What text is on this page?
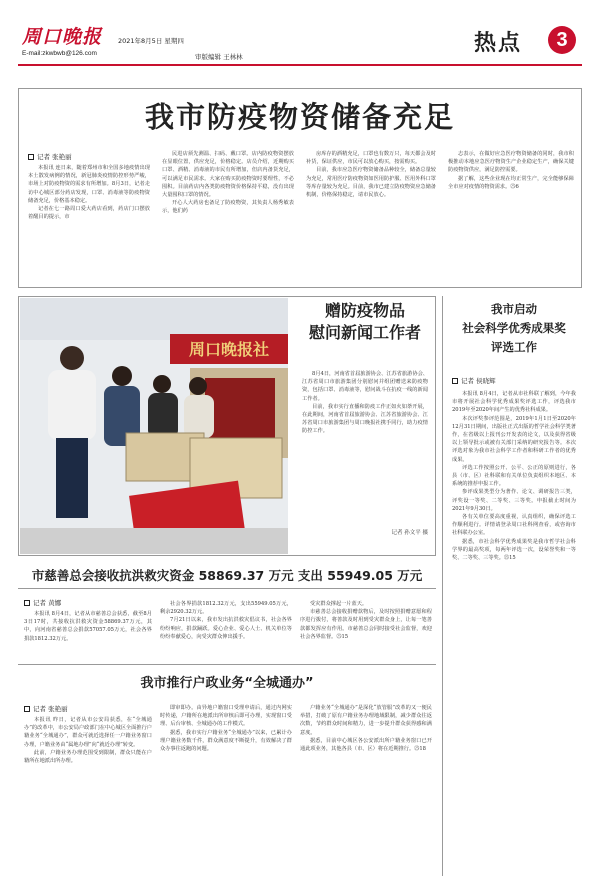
周口晚报
E-mail:zkwbwb@126.com
2021年8月5日 星期四
审版编辑 王林林
热点	3
我市防疫物资储备充足
记者 张艳丽

本报讯 连日来，随着郑州市和全国多地疫情出现本土散发病例的情况，新冠肺炎疫情防控形势严峻，市场上对防疫物资的需求有所增加。8月3日，记者走访中心城区部分药店发现，口罩、消毒液等防疫物资储备充足，价格基本稳定。

记者在七一路周口爱大药店看到，药店门口摆放着醒目的提示，市

民进店须先测温、扫码、戴口罩。店内防疫物资摆放在显眼位置，供应充足，价格稳定。店员介绍，近期购买口罩、酒精、消毒液的市民有所增加，但店内备货充足，可以满足市民需求。大家在购买防疫物资时要理性，不必囤积。目前药店内各类防疫物资价格保持平稳，没有出现大量囤积口罩的情况。

开心人大药房也备足了防疫物资，其负责人杨秀敏表示，他们药

房库存的酒精充足，口罩也有数万只，每天都会及时补货，保证供应，市民可以放心购买，按需购买。

目前，我市应急医疗物资储备品种较全，储备总量较为充足，常用医疗防疫物资如医用防护服、医用外科口罩等库存量较为充足。目前，我市已建立防疫物资应急储备机制，价格保持稳定，请市民放心。

志表示，在做好应急医疗物资储备的同时，我市积极推动本地应急医疗物资生产企业稳定生产，确保关键防疫物资供应，满足防控需要。

据了解，这些企业现在均正常生产，完全能够保障全市应对疫情的物资需求。㉕6

周口晚报社
赠防疫物品
慰问新闻工作者

8月4日，河南省首届旅游协会、江苏省旅游协会、江苏省周口市旅游集团分别慰问并组团赠送来防疫物资，包括口罩、消毒液等，慰问战斗在抗疫一线的新闻工作者。

目前，我市实行直播和防疫工作正如火如荼开展，在此期间，河南省首届旅游协会、江苏省旅游协会、江苏省周口市旅游集团与周口晚报社携手同行，助力疫情防控工作。

记者 孙文平 摄
市慈善总会接收抗洪救灾资金 58869.37 万元 支出 55949.05 万元
记者 黄娜

本报讯 8月4日，记者从市慈善总会获悉，截至8月3日17时，共接收抗洪救灾资金58869.37万元，其中，向河南省慈善总会捐款57057.05万元，社会各界捐款1812.32万元。

社会各界捐款1812.32万元，支出55949.05万元，剩余2920.32万元。

7月21日以来，我市发出抗洪救灾倡议书，社会各界纷纷响应，捐款踊跃。爱心企业、爱心人士、机关单位等纷纷奉献爱心，向受灾群众伸出援手。

受灾群众撑起一片蓝天。

市慈善总会接收捐赠款物后，及时按照捐赠意愿和程序进行拨付，将善款及时用到受灾群众身上，让每一笔善款都发挥应有作用。市慈善总会同时接受社会监督，欢迎社会各界监督。㉕15

我市推行户政业务“全城通办”
记者 张艳丽

本报讯 昨日，记者从市公安局获悉，在“全城通办”的改革中，市公安局户政部门在中心城区全面推行户籍业务“全城通办”，群众可就近选择任一户籍业务窗口办理，户籍业务由“属地办理”向“就近办理”转变。

此前，户籍业务办理范围受到限制，群众只能在户籍所在地派出所办理。

即审即办。由异地户籍窗口受理申请后，通过内网实时传递，户籍所在地派出所审核后即可办理，实现窗口受理、后台审核、全城通办的工作模式。

据悉，我市实行户籍业务“全城通办”以来，已累计办理户籍业务数千件，群众满意度不断提升，有效解决了群众办事往返跑的问题。

户籍业务“全城通办”是深化“放管服”改革的又一便民举措，打破了原有户籍业务办理地域限制，减少群众往返次数，节约群众时间和精力，进一步提升群众获得感和满意度。

据悉，目前中心城区各公安派出所户籍业务窗口已开通此项业务，其他各县（市、区）将在近期推行。㉕18

我市启动
社会科学优秀成果奖
评选工作
记者 侯晓辉

本报讯 8月4日，记者从市社科联了解到，今年我市将开展社会科学优秀成果奖评选工作，评选我市2019年至2020年间产生的优秀社科成果。

本次评奖参评范围是，2019年1月1日至2020年12月31日期间，出版社正式出版的哲学社会科学类著作，在省级以上报刊公开发表的论文，以及获得省级以上领导批示或被有关部门采纳的研究报告等。本次评选对象为我市社会科学工作者和科研工作者的优秀成果。

评选工作按照公开、公平、公正的原则进行，各县（市、区）社科联和有关单位负责组织本地区、本系统的推荐申报工作。

参评成果类型分为著作、论文、调研报告三类，评奖设一等奖、二等奖、三等奖。申报截止时间为2021年9月30日。

各有关单位要高度重视，认真组织，确保评选工作顺利进行。详情请登录周口社科网查看，或咨询市社科联办公室。

据悉，市社会科学优秀成果奖是我市哲学社会科学界的最高奖项，每两年评选一次，设荣誉奖和一等奖、二等奖、三等奖。㉕15
